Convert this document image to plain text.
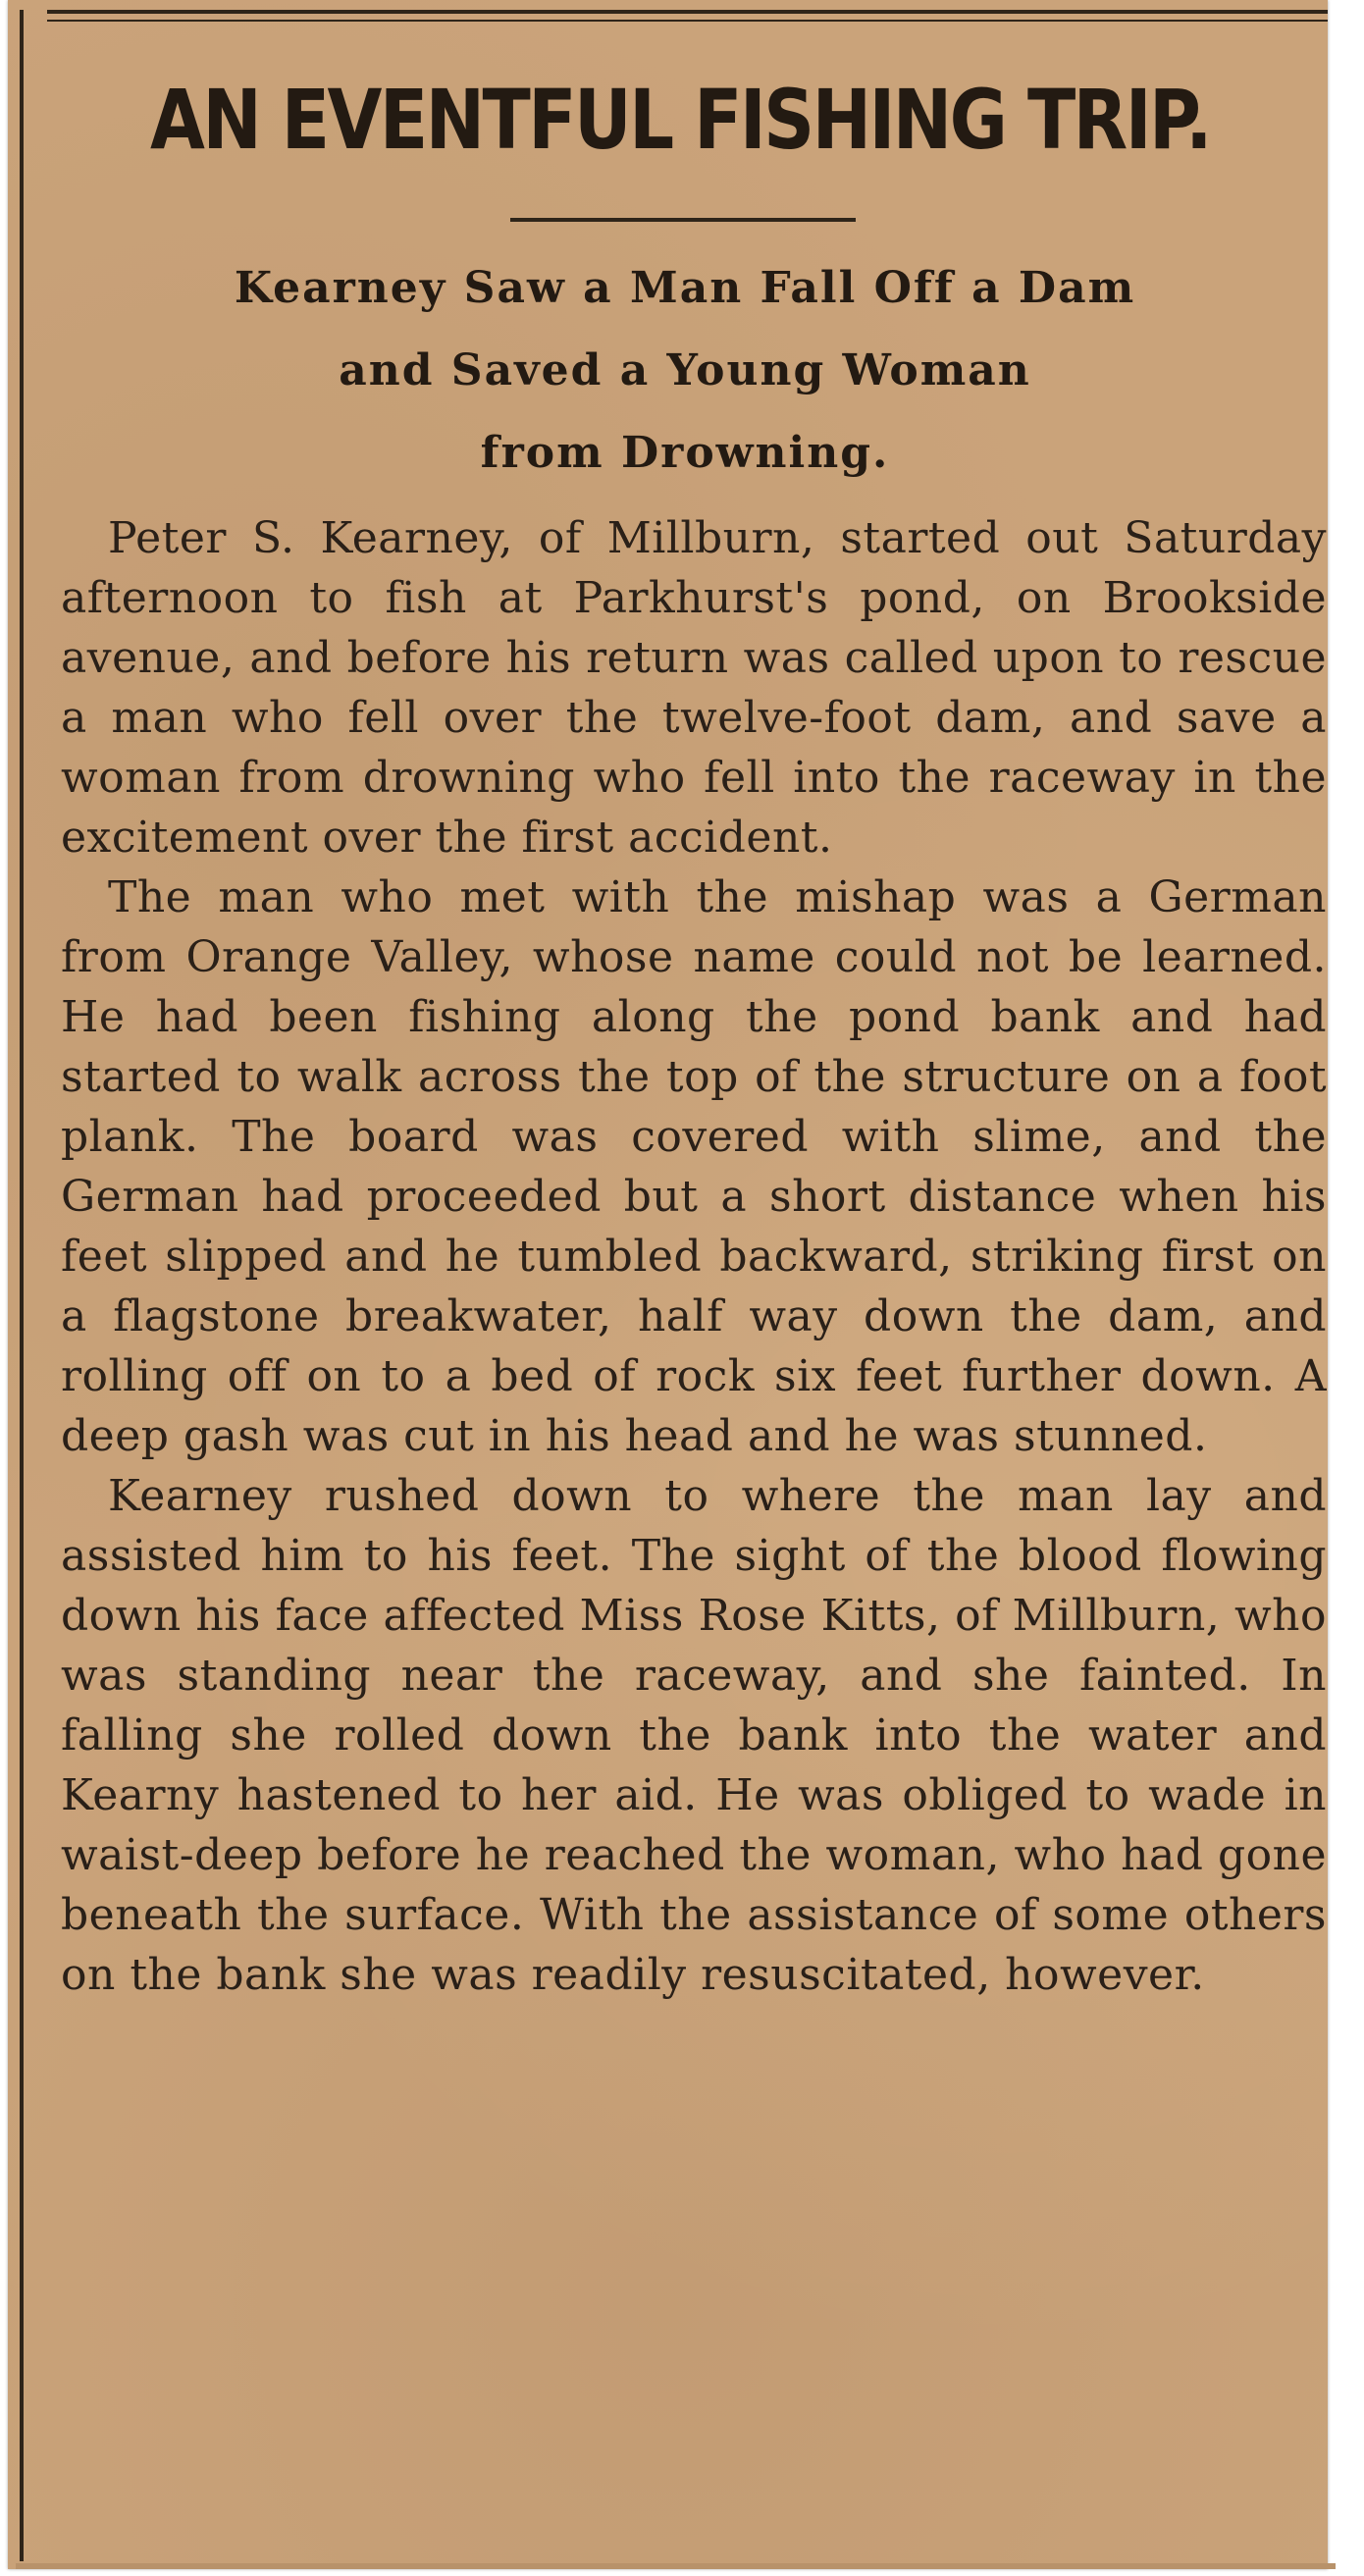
AN EVENTFUL FISHING TRIP.
Kearney Saw a Man Fall Off a Dam
and Saved a Young Woman
from Drowning.

Peter S. Kearney, of Millburn, started out Saturday afternoon to fish at Parkhurst's pond, on Brookside avenue, and before his return was called upon to rescue a man who fell over the twelve-foot dam, and save a woman from drowning who fell into the raceway in the excitement over the first accident.

The man who met with the mishap was a German from Orange Valley, whose name could not be learned. He had been fishing along the pond bank and had started to walk across the top of the structure on a foot plank. The board was covered with slime, and the German had proceeded but a short distance when his feet slipped and he tumbled backward, striking first on a flagstone breakwater, half way down the dam, and rolling off on to a bed of rock six feet further down. A deep gash was cut in his head and he was stunned.

Kearney rushed down to where the man lay and assisted him to his feet. The sight of the blood flowing down his face affected Miss Rose Kitts, of Millburn, who was standing near the raceway, and she fainted. In falling she rolled down the bank into the water and Kearny hastened to her aid. He was obliged to wade in waist-deep before he reached the woman, who had gone beneath the surface. With the assistance of some others on the bank she was readily resuscitated, however.
